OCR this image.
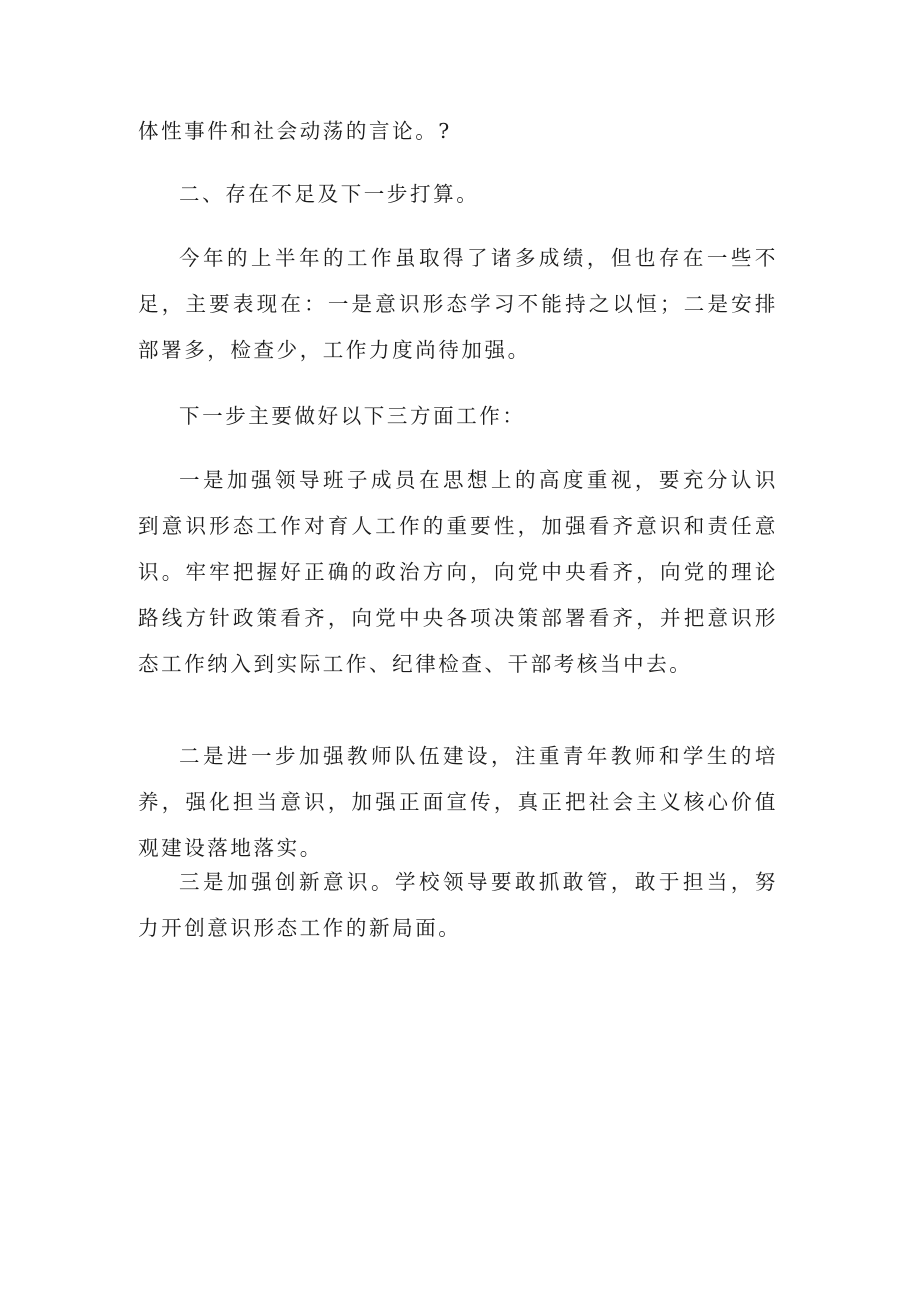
体性事件和社会动荡的言论。?

二、存在不足及下一步打算。

今年的上半年的工作虽取得了诸多成绩，但也存在一些不足，主要表现在：一是意识形态学习不能持之以恒；二是安排部署多，检查少，工作力度尚待加强。

下一步主要做好以下三方面工作：

一是加强领导班子成员在思想上的高度重视，要充分认识到意识形态工作对育人工作的重要性，加强看齐意识和责任意识。牢牢把握好正确的政治方向，向党中央看齐，向党的理论路线方针政策看齐，向党中央各项决策部署看齐，并把意识形态工作纳入到实际工作、纪律检查、干部考核当中去。

二是进一步加强教师队伍建设，注重青年教师和学生的培养，强化担当意识，加强正面宣传，真正把社会主义核心价值观建设落地落实。

三是加强创新意识。学校领导要敢抓敢管，敢于担当，努力开创意识形态工作的新局面。
